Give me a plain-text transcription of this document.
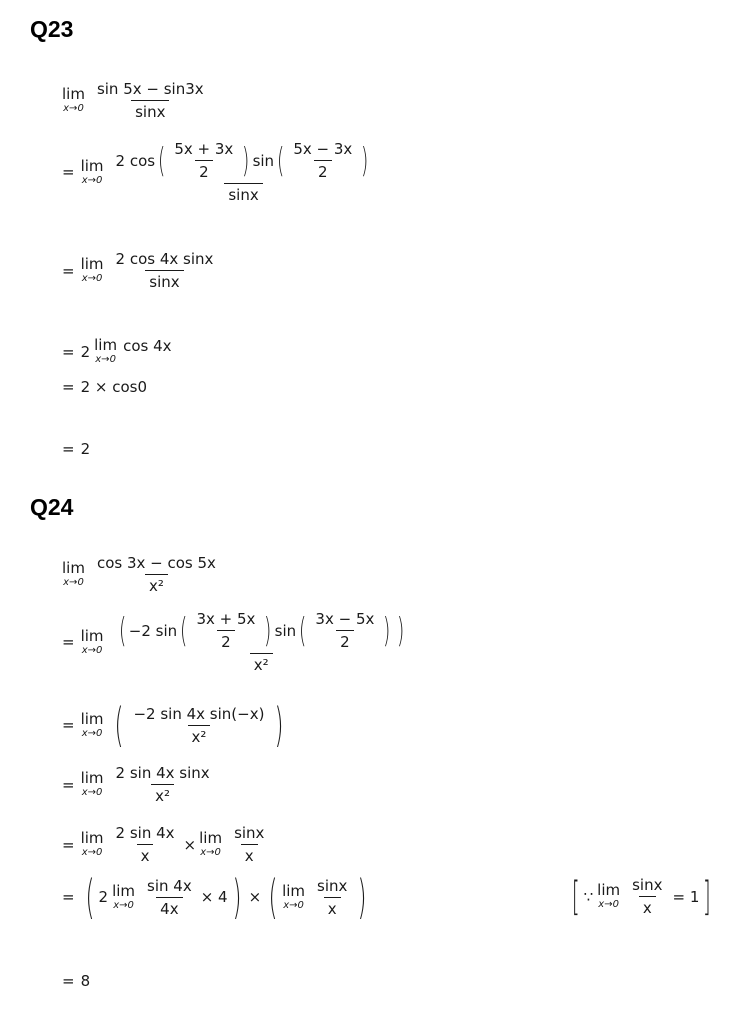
Q23
lim
$x\to 0 \frac{\sin 5x - \sin 3x}{\sin x}$
= lim
x→0
2 cos ( $\frac{5x + 3x}{2}$ ) sin ( $\frac{5x - 3x}{2}$ )
sinx
= lim
$x\to 0 \frac{\text{2 cos 4x sinx}}{\sin x}$
= 2 lim
x→0
cos 4x
= 2 × cos0
= 2
Q24
lim
$x\to 0 \frac{\cos 3x - \cos 5x}{\text{x²}}$
= lim
x→0 ( −2 sin ( $\frac{3x + 5x}{2}$ ) sin ( $\frac{3x - 5x}{2}$ ) )
x²
= lim
x→0 ( $\frac{\text{−2 sin 4x sin(−x)}}{\text{x²}}$ )
= lim
$x\to 0 \frac{\text{2 sin 4x sinx}}{\text{x²}}$
= lim
$x\to 0 \frac{2 \sin 4x}{x} \times \lim$
$x\to 0 \frac{\sin x}{x}$
= ( 2 lim
$x\to 0 \frac{\sin 4x}{4x} \times 4$ ) × ( lim
$x\to 0 \frac{\sin x}{x}$ )	[ ∵ lim
$x\to 0 \frac{\sin x}{x} = 1$ ]
= 8
